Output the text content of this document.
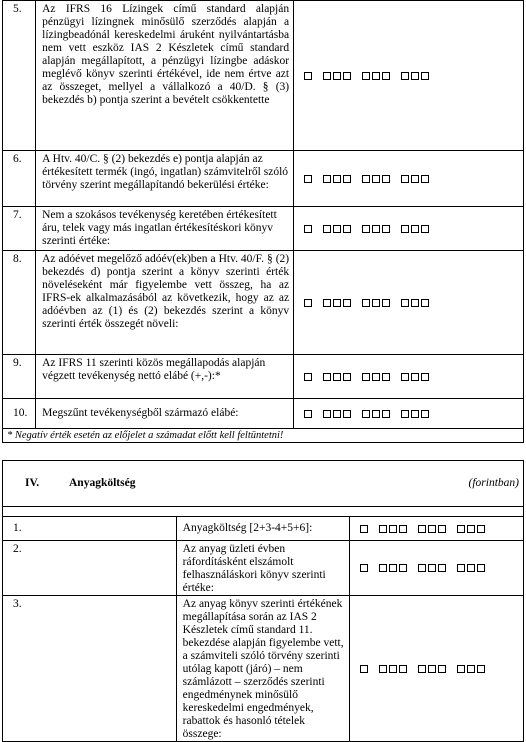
5.	Az IFRS 16 Lízingek című standard alapján pénzügyi lízingnek minősülő szerződés alapján a lízingbeadónál kereskedelmi áruként nyilvántartásba nem vett eszköz IAS 2 Készletek című standard alapján megállapított, a pénzügyi lízingbe adáskor meglévő könyv szerinti értékével, ide nem értve azt az összeget, mellyel a vállalkozó a 40/D. § (3) bekezdés b) pontja szerint a bevételt csökkentette	

6.	A Htv. 40/C. § (2) bekezdés e) pontja alapján az értékesített termék (ingó, ingatlan) számvitelről szóló törvény szerint megállapítandó bekerülési értéke:	

7.	Nem a szokásos tevékenység keretében értékesített áru, telek vagy más ingatlan értékesítéskori könyv szerinti értéke:	

8.	Az adóévet megelőző adóév(ek)ben a Htv. 40/F. § (2) bekezdés d) pontja szerint a könyv szerinti érték növeléseként már figyelembe vett összeg, ha az IFRS-ek alkalmazásából az következik, hogy az az adóévben az (1) és (2) bekezdés szerint a könyv szerinti érték összegét növeli:	

9.	Az IFRS 11 szerinti közös megállapodás alapján végzett tevékenység nettó elábé (+,-):*	

10.	Megszűnt tevékenységből származó elábé:	

* Negatív érték esetén az előjelet a számadat előtt kell feltüntetni!		
IV. Anyagköltség (forintban)		

1.	Anyagköltség [2+3-4+5+6]:	

2.	Az anyag üzleti évben ráfordításként elszámolt felhasználáskori könyv szerinti értéke:	

3.	Az anyag könyv szerinti értékének megállapítása során az IAS 2 Készletek című standard 11. bekezdése alapján figyelembe vett, a számviteli szóló törvény szerinti utólag kapott (járó) – nem számlázott – szerződés szerinti engedménynek minősülő kereskedelmi engedmények, rabattok és hasonló tételek összege:	
